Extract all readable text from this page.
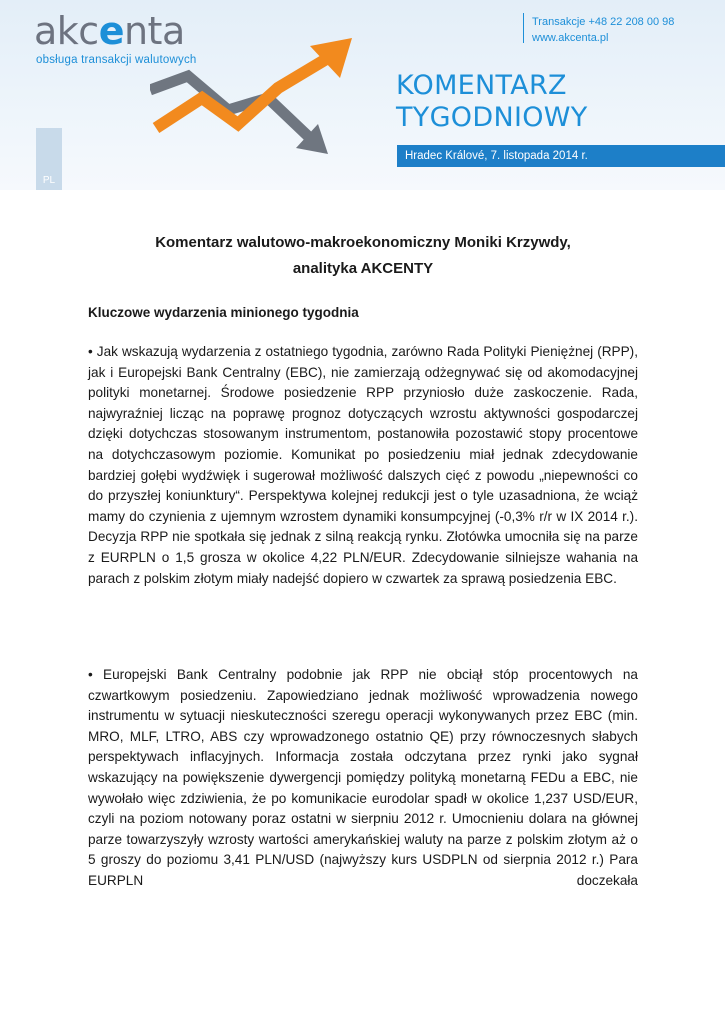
akcenta
obsługa transakcji walutowych
Transakcje +48 22 208 00 98
www.akcenta.pl
KOMENTARZ
TYGODNIOWY
Hradec Králové, 7. listopada 2014 r.
PL
Komentarz walutowo-makroekonomiczny Moniki Krzywdy,
analityka AKCENTY
Kluczowe wydarzenia minionego tygodnia
• Jak wskazują wydarzenia z ostatniego tygodnia, zarówno Rada Polityki Pieniężnej (RPP), jak i Europejski Bank Centralny (EBC), nie zamierzają odżegnywać się od akomodacyjnej polityki monetarnej. Środowe posiedzenie RPP przyniosło duże zaskoczenie. Rada, najwyraźniej licząc na poprawę prognoz dotyczących wzrostu aktywności gospodarczej dzięki dotychczas stosowanym instrumentom, postanowiła pozostawić stopy procentowe na dotychczasowym poziomie. Komunikat po posiedzeniu miał jednak zdecydowanie bardziej gołębi wydźwięk i sugerował możliwość dalszych cięć z powodu „niepewności co do przyszłej koniunktury“. Perspektywa kolejnej redukcji jest o tyle uzasadniona, że wciąż mamy do czynienia z ujemnym wzrostem dynamiki konsumpcyjnej (-0,3% r/r w IX 2014 r.). Decyzja RPP nie spotkała się jednak z silną reakcją rynku. Złotówka umocniła się na parze z EURPLN o 1,5 grosza w okolice 4,22 PLN/EUR. Zdecydowanie silniejsze wahania na parach z polskim złotym miały nadejść dopiero w czwartek za sprawą posiedzenia EBC.
• Europejski Bank Centralny podobnie jak RPP nie obciął stóp procentowych na czwartkowym posiedzeniu. Zapowiedziano jednak możliwość wprowadzenia nowego instrumentu w sytuacji nieskuteczności szeregu operacji wykonywanych przez EBC (min. MRO, MLF, LTRO, ABS czy wprowadzonego ostatnio QE) przy równoczesnych słabych perspektywach inflacyjnych. Informacja została odczytana przez rynki jako sygnał wskazujący na powiększenie dywergencji pomiędzy polityką monetarną FEDu a EBC, nie wywołało więc zdziwienia, że po komunikacie eurodolar spadł w okolice 1,237 USD/EUR, czyli na poziom notowany poraz ostatni w sierpniu 2012 r. Umocnieniu dolara na głównej parze towarzyszyły wzrosty wartości amerykańskiej waluty na parze z polskim złotym aż o 5 groszy do poziomu 3,41 PLN/USD (najwyższy kurs USDPLN od sierpnia 2012 r.) Para EURPLN doczekała
